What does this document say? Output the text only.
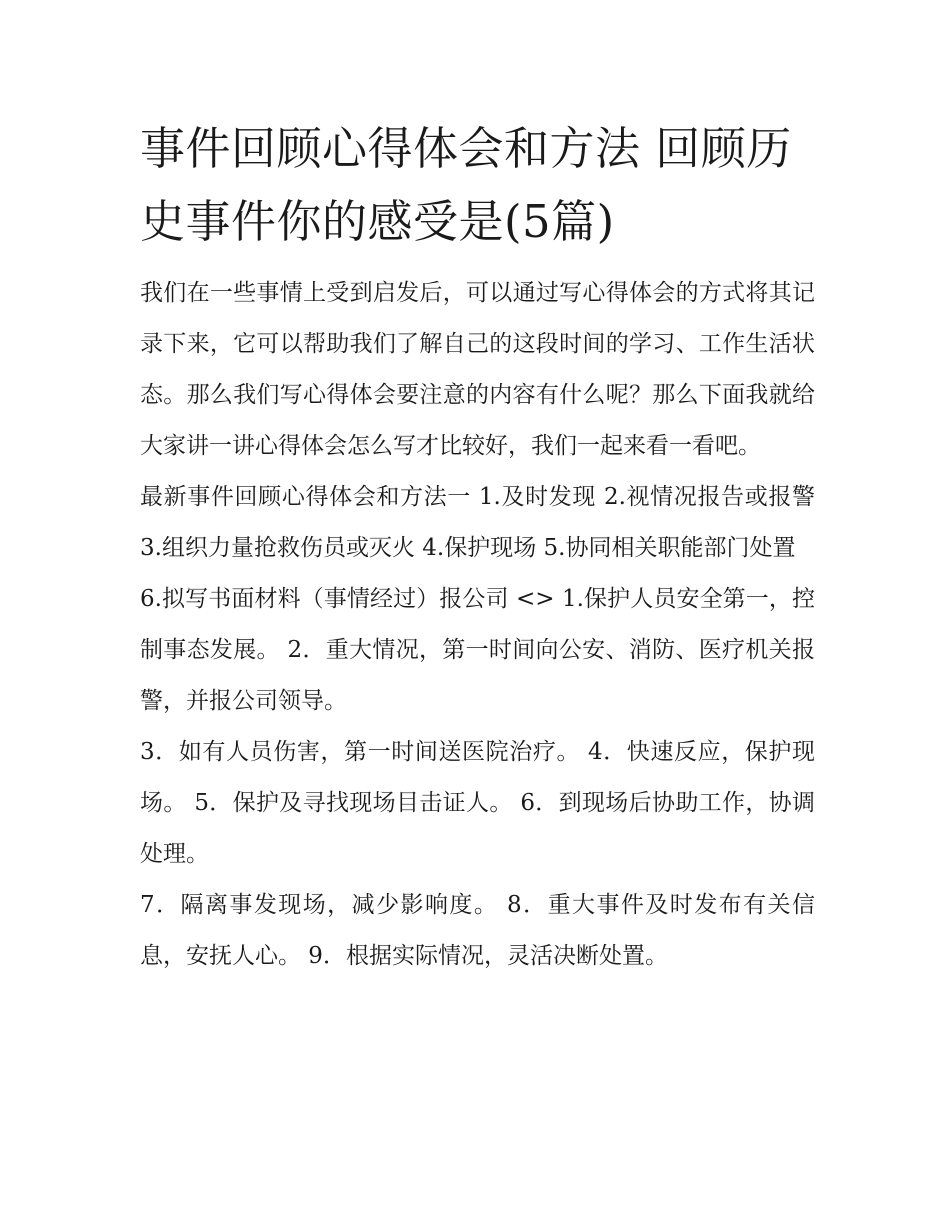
事件回顾心得体会和方法 回顾历史事件你的感受是(5篇)

我们在一些事情上受到启发后，可以通过写心得体会的方式将其记录下来，它可以帮助我们了解自己的这段时间的学习、工作生活状态。那么我们写心得体会要注意的内容有什么呢？那么下面我就给大家讲一讲心得体会怎么写才比较好，我们一起来看一看吧。

最新事件回顾心得体会和方法一 1.及时发现 2.视情况报告或报警 3.组织力量抢救伤员或灭火 4.保护现场 5.协同相关职能部门处置

6.拟写书面材料（事情经过）报公司 <> 1.保护人员安全第一，控制事态发展。 2．重大情况，第一时间向公安、消防、医疗机关报警，并报公司领导。

3．如有人员伤害，第一时间送医院治疗。 4．快速反应，保护现场。 5．保护及寻找现场目击证人。 6．到现场后协助工作，协调处理。

7．隔离事发现场，减少影响度。 8．重大事件及时发布有关信息，安抚人心。 9．根据实际情况，灵活决断处置。
